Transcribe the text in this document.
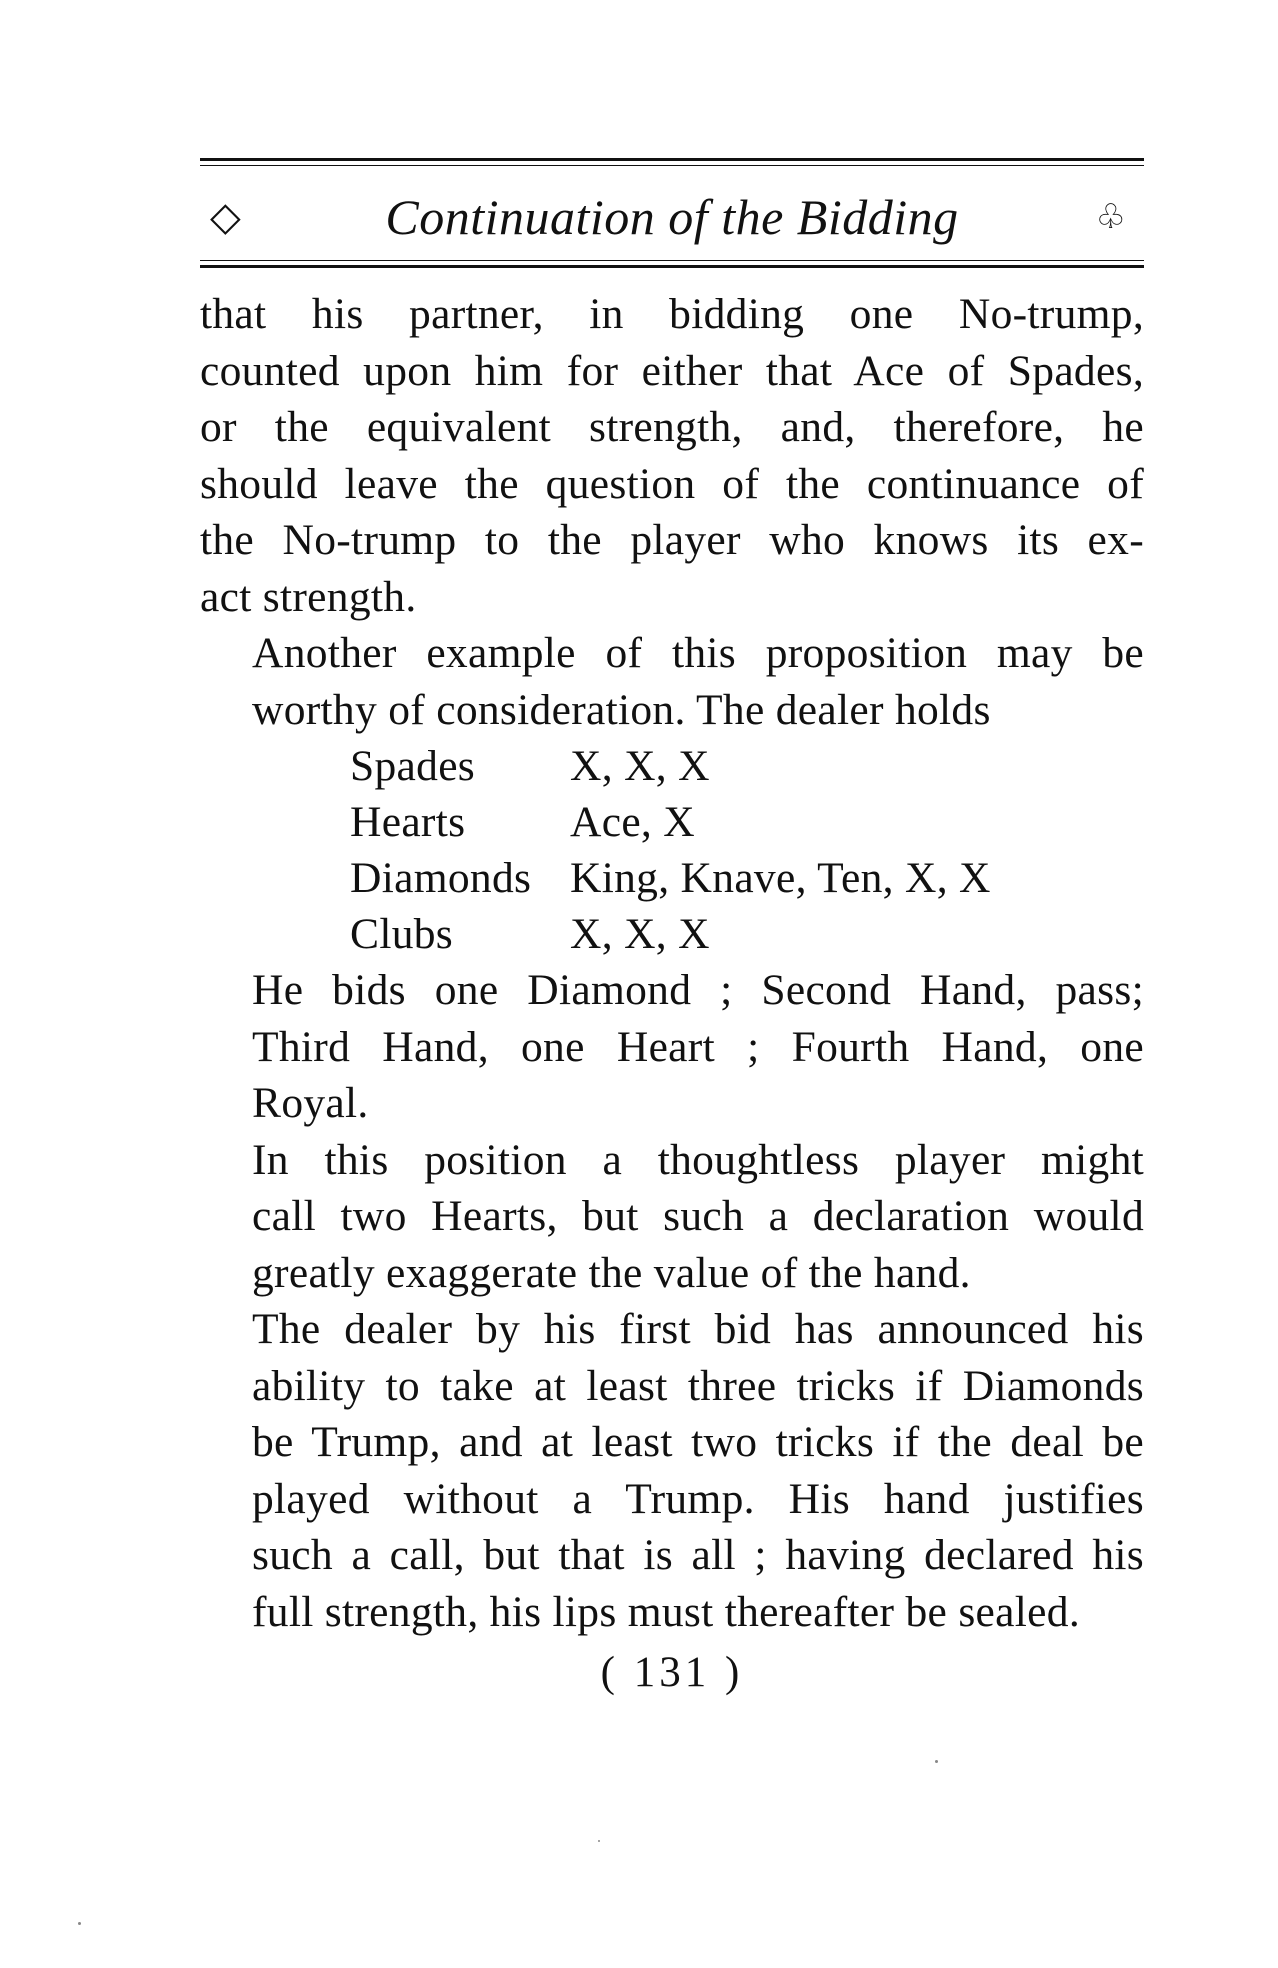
◇	Continuation of the Bidding	♧

that his partner, in bidding one No-trump,
counted upon him for either that Ace of Spades,
or the equivalent strength, and, therefore, he
should leave the question of the continuance of
the No-trump to the player who knows its ex-
act strength.

Another example of this proposition may be
worthy of consideration. The dealer holds

Spades	X, X, X
Hearts	Ace, X
Diamonds King, Knave, Ten, X, X
Clubs	X, X, X

He bids one Diamond ; Second Hand, pass;
Third Hand, one Heart ; Fourth Hand, one
Royal.

In this position a thoughtless player might
call two Hearts, but such a declaration would
greatly exaggerate the value of the hand.

The dealer by his first bid has announced his
ability to take at least three tricks if Diamonds
be Trump, and at least two tricks if the deal be
played without a Trump. His hand justifies
such a call, but that is all ; having declared his
full strength, his lips must thereafter be sealed.

( 131 )
